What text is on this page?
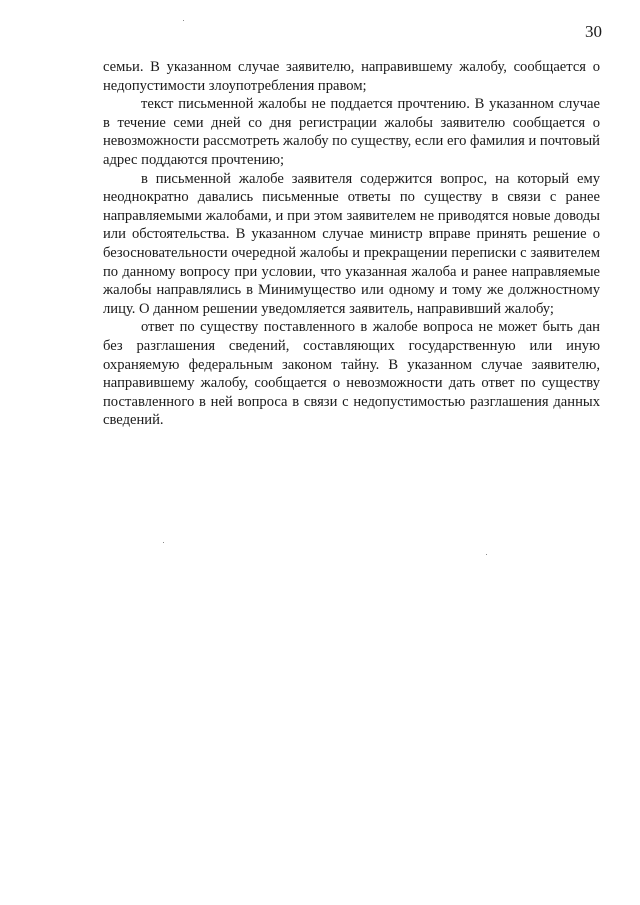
30

семьи. В указанном случае заявителю, направившему жалобу, сообщается о недопустимости злоупотребления правом;

текст письменной жалобы не поддается прочтению. В указанном случае в течение семи дней со дня регистрации жалобы заявителю сообщается о невозможности рассмотреть жалобу по существу, если его фамилия и почтовый адрес поддаются прочтению;

в письменной жалобе заявителя содержится вопрос, на который ему неоднократно давались письменные ответы по существу в связи с ранее направляемыми жалобами, и при этом заявителем не приводятся новые доводы или обстоятельства. В указанном случае министр вправе принять решение о безосновательности очередной жалобы и прекращении переписки с заявителем по данному вопросу при условии, что указанная жалоба и ранее направляемые жалобы направлялись в Минимущество или одному и тому же должностному лицу. О данном решении уведомляется заявитель, направивший жалобу;

ответ по существу поставленного в жалобе вопроса не может быть дан без разглашения сведений, составляющих государственную или иную охраняемую федеральным законом тайну. В указанном случае заявителю, направившему жалобу, сообщается о невозможности дать ответ по существу поставленного в ней вопроса в связи с недопустимостью разглашения данных сведений.
